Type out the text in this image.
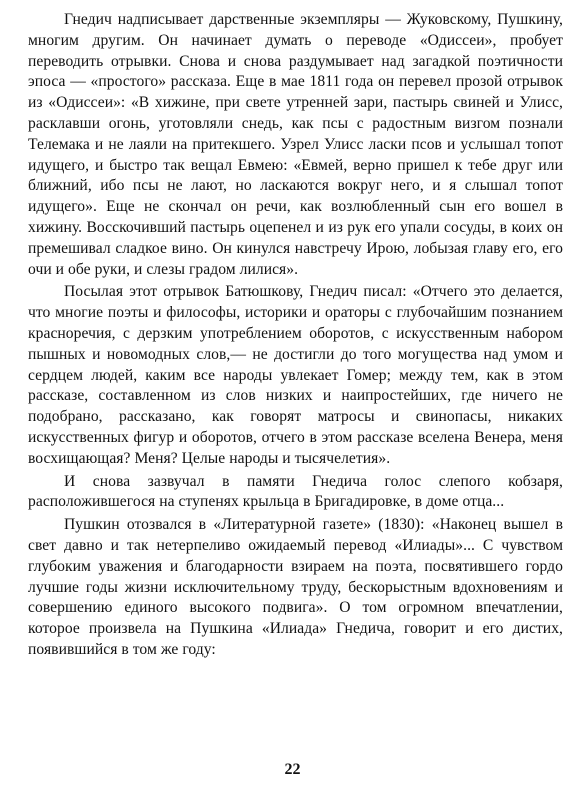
Гнедич надписывает дарственные экземпляры — Жуковскому, Пушкину, многим другим. Он начинает думать о переводе «Одиссеи», пробует переводить отрывки. Снова и снова раздумывает над загадкой поэтичности эпоса — «простого» рассказа. Еще в мае 1811 года он перевел прозой отрывок из «Одиссеи»: «В хижине, при свете утренней зари, пастырь свиней и Улисс, расклавши огонь, уготовляли снедь, как псы с радостным визгом познали Телемака и не лаяли на притекшего. Узрел Улисс ласки псов и услышал топот идущего, и быстро так вещал Евмею: «Евмей, верно пришел к тебе друг или ближний, ибо псы не лают, но ласкаются вокруг него, и я слышал топот идущего». Еще не скончал он речи, как возлюбленный сын его вошел в хижину. Восскочивший пастырь оцепенел и из рук его упали сосуды, в коих он премешивал сладкое вино. Он кинулся навстречу Ирою, лобызая главу его, его очи и обе руки, и слезы градом лилися».

Посылая этот отрывок Батюшкову, Гнедич писал: «Отчего это делается, что многие поэты и философы, историки и ораторы с глубочайшим познанием красноречия, с дерзким употреблением оборотов, с искусственным набором пышных и новомодных слов,— не достигли до того могущества над умом и сердцем людей, каким все народы увлекает Гомер; между тем, как в этом рассказе, составленном из слов низких и наипростейших, где ничего не подобрано, рассказано, как говорят матросы и свинопасы, никаких искусственных фигур и оборотов, отчего в этом рассказе вселена Венера, меня восхищающая? Меня? Целые народы и тысячелетия».

И снова зазвучал в памяти Гнедича голос слепого кобзаря, расположившегося на ступенях крыльца в Бригадировке, в доме отца...

Пушкин отозвался в «Литературной газете» (1830): «Наконец вышел в свет давно и так нетерпеливо ожидаемый перевод «Илиады»... С чувством глубоким уважения и благодарности взираем на поэта, посвятившего гордо лучшие годы жизни исключительному труду, бескорыстным вдохновениям и совершению единого высокого подвига». О том огромном впечатлении, которое произвела на Пушкина «Илиада» Гнедича, говорит и его дистих, появившийся в том же году:

22
